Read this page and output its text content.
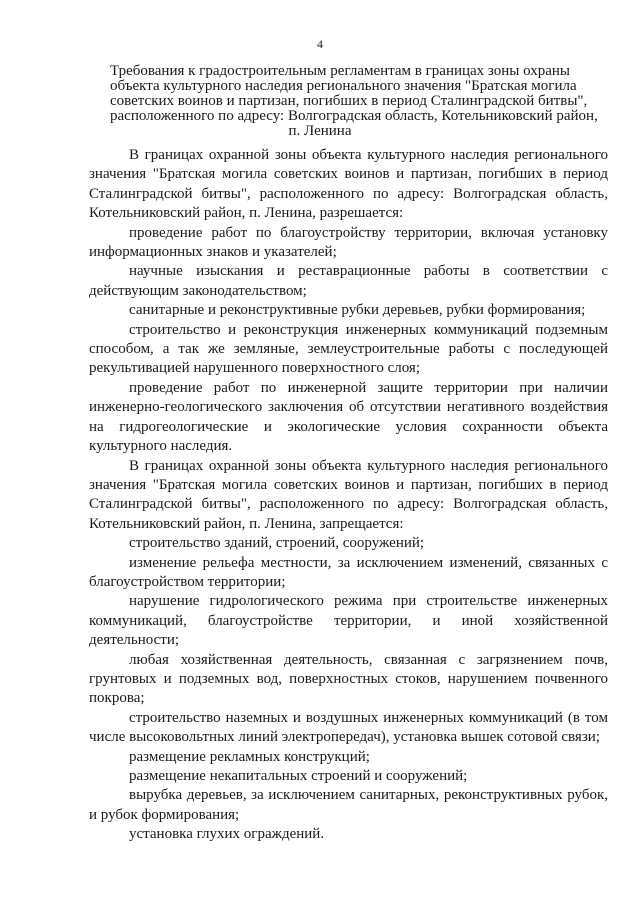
4
Требования к градостроительным регламентам в границах зоны охраны
объекта культурного наследия регионального значения "Братская могила
советских воинов и партизан, погибших в период Сталинградской битвы",
расположенного по адресу: Волгоградская область, Котельниковский район,
п. Ленина

В границах охранной зоны объекта культурного наследия регионального значения "Братская могила советских воинов и партизан, погибших в период Сталинградской битвы", расположенного по адресу: Волгоградская область, Котельниковский район, п. Ленина, разрешается:

проведение работ по благоустройству территории, включая установку информационных знаков и указателей;

научные изыскания и реставрационные работы в соответствии с действующим законодательством;

санитарные и реконструктивные рубки деревьев, рубки формирования;

строительство и реконструкция инженерных коммуникаций подземным способом, а так же земляные, землеустроительные работы с последующей рекультивацией нарушенного поверхностного слоя;

проведение работ по инженерной защите территории при наличии инженерно-геологического заключения об отсутствии негативного воздействия на гидрогеологические и экологические условия сохранности объекта культурного наследия.

В границах охранной зоны объекта культурного наследия регионального значения "Братская могила советских воинов и партизан, погибших в период Сталинградской битвы", расположенного по адресу: Волгоградская область, Котельниковский район, п. Ленина, запрещается:

строительство зданий, строений, сооружений;

изменение рельефа местности, за исключением изменений, связанных с благоустройством территории;

нарушение гидрологического режима при строительстве инженерных коммуникаций, благоустройстве территории, и иной хозяйственной деятельности;

любая хозяйственная деятельность, связанная с загрязнением почв, грунтовых и подземных вод, поверхностных стоков, нарушением почвенного покрова;

строительство наземных и воздушных инженерных коммуникаций (в том числе высоковольтных линий электропередач), установка вышек сотовой связи;

размещение рекламных конструкций;

размещение некапитальных строений и сооружений;

вырубка деревьев, за исключением санитарных, реконструктивных рубок, и рубок формирования;

установка глухих ограждений.
